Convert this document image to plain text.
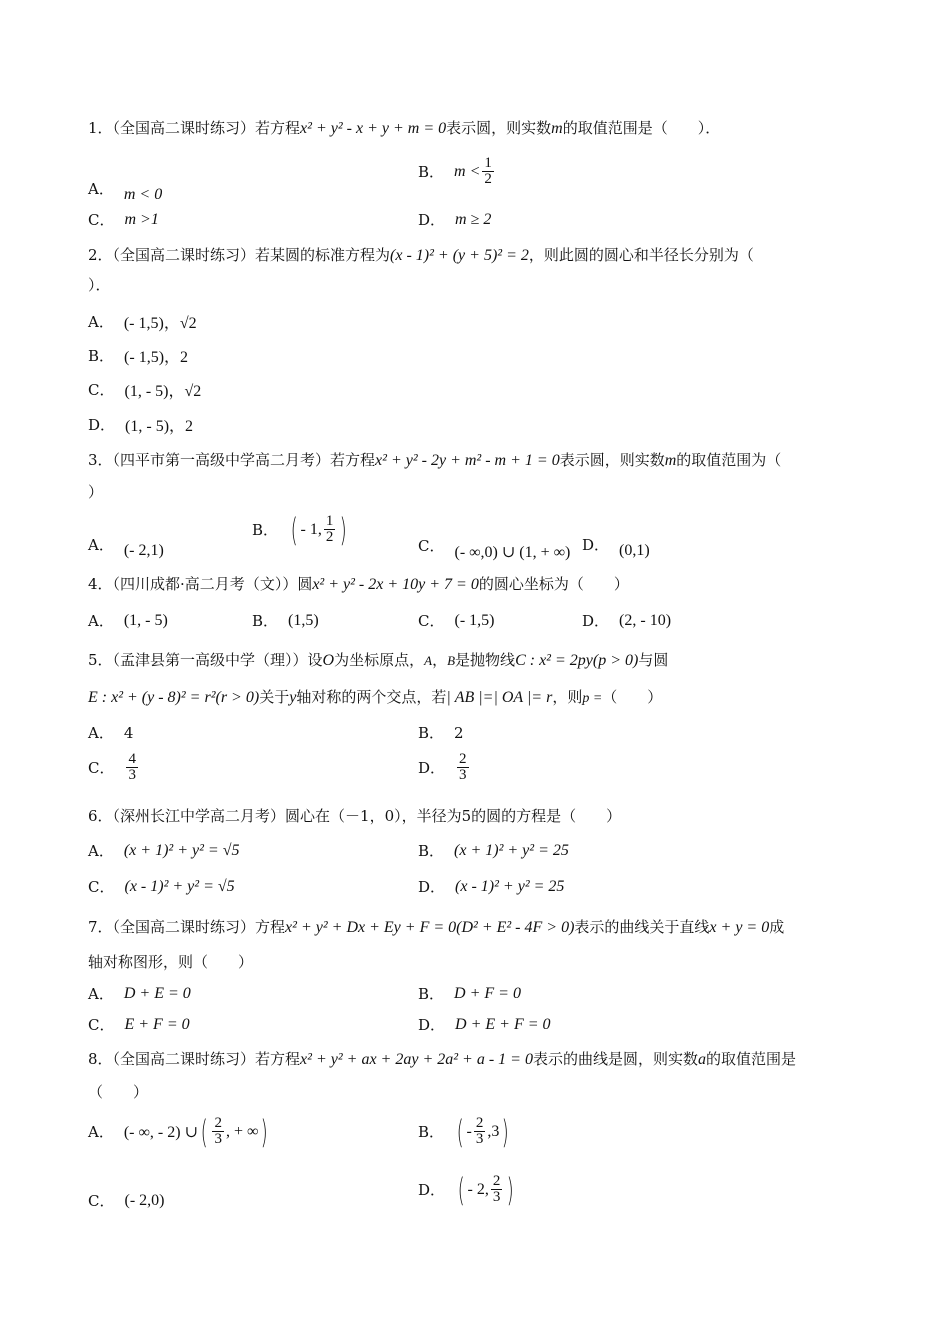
1．（全国高二课时练习）若方程x² + y² - x + y + m = 0表示圆，则实数m的取值范围是（　　）．
A． m < 0
B． $m < \frac{1}{2}$
C． m >1	D． m ≥ 2
2．（全国高二课时练习）若某圆的标准方程为(x - 1)² + (y + 5)² = 2，则此圆的圆心和半径长分别为（
）．
A． (- 1,5)，√2
B． (- 1,5)，2
C． (1, - 5)，√2
D． (1, - 5)，2
3．（四平市第一高级中学高二月考）若方程x² + y² - 2y + m² - m + 1 = 0表示圆，则实数m的取值范围为（
）
A． (- 2,1)
B． ( - 1, $\frac{1}{2}$ )	C． (- ∞,0) ∪ (1, + ∞) D． (0,1)
4．（四川成都·高二月考（文））圆x² + y² - 2x + 10y + 7 = 0的圆心坐标为（　　）
A． (1, - 5)	B． (1,5)	C． (- 1,5)	D． (2, - 10)
5．（孟津县第一高级中学（理））设O为坐标原点，A，B是抛物线C : x² = 2py(p > 0)与圆
E : x² + (y - 8)² = r²(r > 0)关于y轴对称的两个交点，若| AB |=| OA |= r，则p =（　　）
A． 4	B． 2
C． $\frac{4}{3}$	D． $\frac{2}{3}$
6．（深州长江中学高二月考）圆心在（－1，0），半径为5的圆的方程是（　　）
A． (x + 1)² + y² = √5	B． (x + 1)² + y² = 25
C． (x - 1)² + y² = √5	D． (x - 1)² + y² = 25
7．（全国高二课时练习）方程x² + y² + Dx + Ey + F = 0(D² + E² - 4F > 0)表示的曲线关于直线x + y = 0成
轴对称图形，则（　　）
A． D + E = 0	B． D + F = 0
C． E + F = 0	D． D + E + F = 0
8．（全国高二课时练习）若方程x² + y² + ax + 2ay + 2a² + a - 1 = 0表示的曲线是圆，则实数a的取值范围是
（　　）
A． (- ∞, - 2) ∪ ( $\frac{2}{3}$ , + ∞ )	B． ( - $\frac{2}{3} ,3$ )
C． (- 2,0)
D． ( - 2, $\frac{2}{3}$ )
